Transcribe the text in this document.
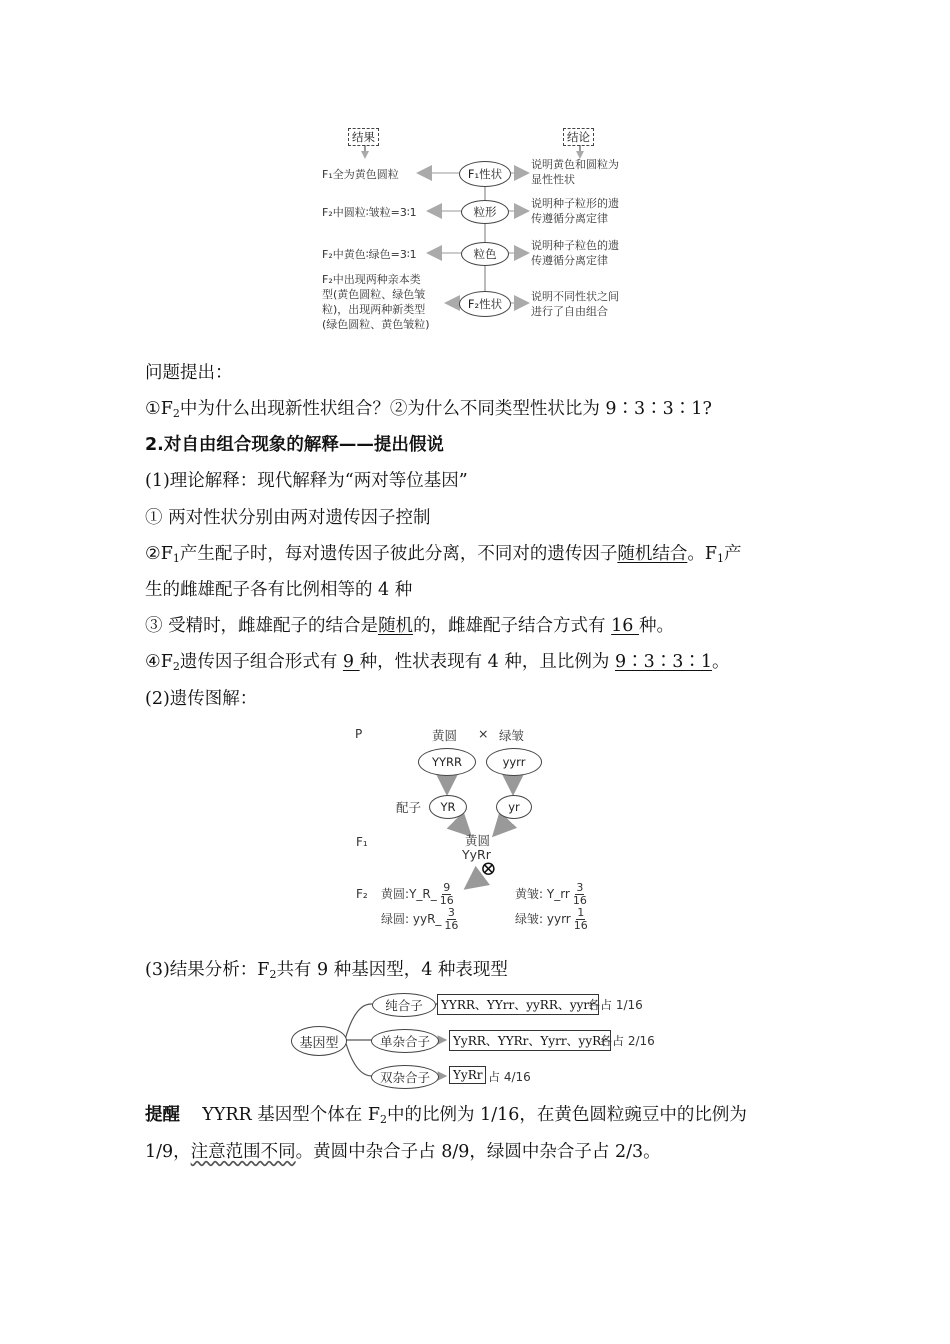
结果	结论
F₁全为黄色圆粒	F₁性状
说明黄色和圆粒为
显性性状
F₂中圆粒∶皱粒=3∶1	粒形
说明种子粒形的遗
传遵循分离定律
F₂中黄色∶绿色=3∶1	粒色
说明种子粒色的遗
传遵循分离定律
F₂中出现两种亲本类
型(黄色圆粒、绿色皱
粒)，出现两种新类型
(绿色圆粒、黄色皱粒)
F₂性状
说明不同性状之间
进行了自由组合
问题提出：
$①F_2$中为什么出现新性状组合？②为什么不同类型性状比为 9∶3∶3∶1?
2.对自由组合现象的解释——提出假说
(1)理论解释：现代解释为“两对等位基因”
① 两对性状分别由两对遗传因子控制
$②F_1$产生配子时，每对遗传因子彼此分离，不同对的遗传因子随机结合。$F_1$产
生的雌雄配子各有比例相等的 4 种
③ 受精时，雌雄配子的结合是随机的，雌雄配子结合方式有 16 种。
$④F_2$遗传因子组合形式有 9 种，性状表现有 4 种，且比例为 9∶3∶3∶1。
(2)遗传图解：
P	黄圆 × 绿皱
YYRR	yyrr
配子	YR	yr
F₁	黄圆
YyRr
⊗
F₂ 黄圆:Y_R_ $\frac{9}{16}$	黄皱: Y_rr $\frac{3}{16}$
绿圆: yyR_ $\frac{3}{16}$	绿皱: yyrr $\frac{1}{16}$
(3)结果分析：$F_2$共有 9 种基因型，4 种表现型
基因型
纯合子	YYRR、YYrr、yyRR、yyrr
各占 1/16
单杂合子	YyRR、YYRr、Yyrr、yyRr
各占 2/16
双杂合子	YyRr 占 4/16
提醒 YYRR 基因型个体在 $F_2$中的比例为 1/16，在黄色圆粒豌豆中的比例为
1/9，注意范围不同。黄圆中杂合子占 8/9，绿圆中杂合子占 2/3。
